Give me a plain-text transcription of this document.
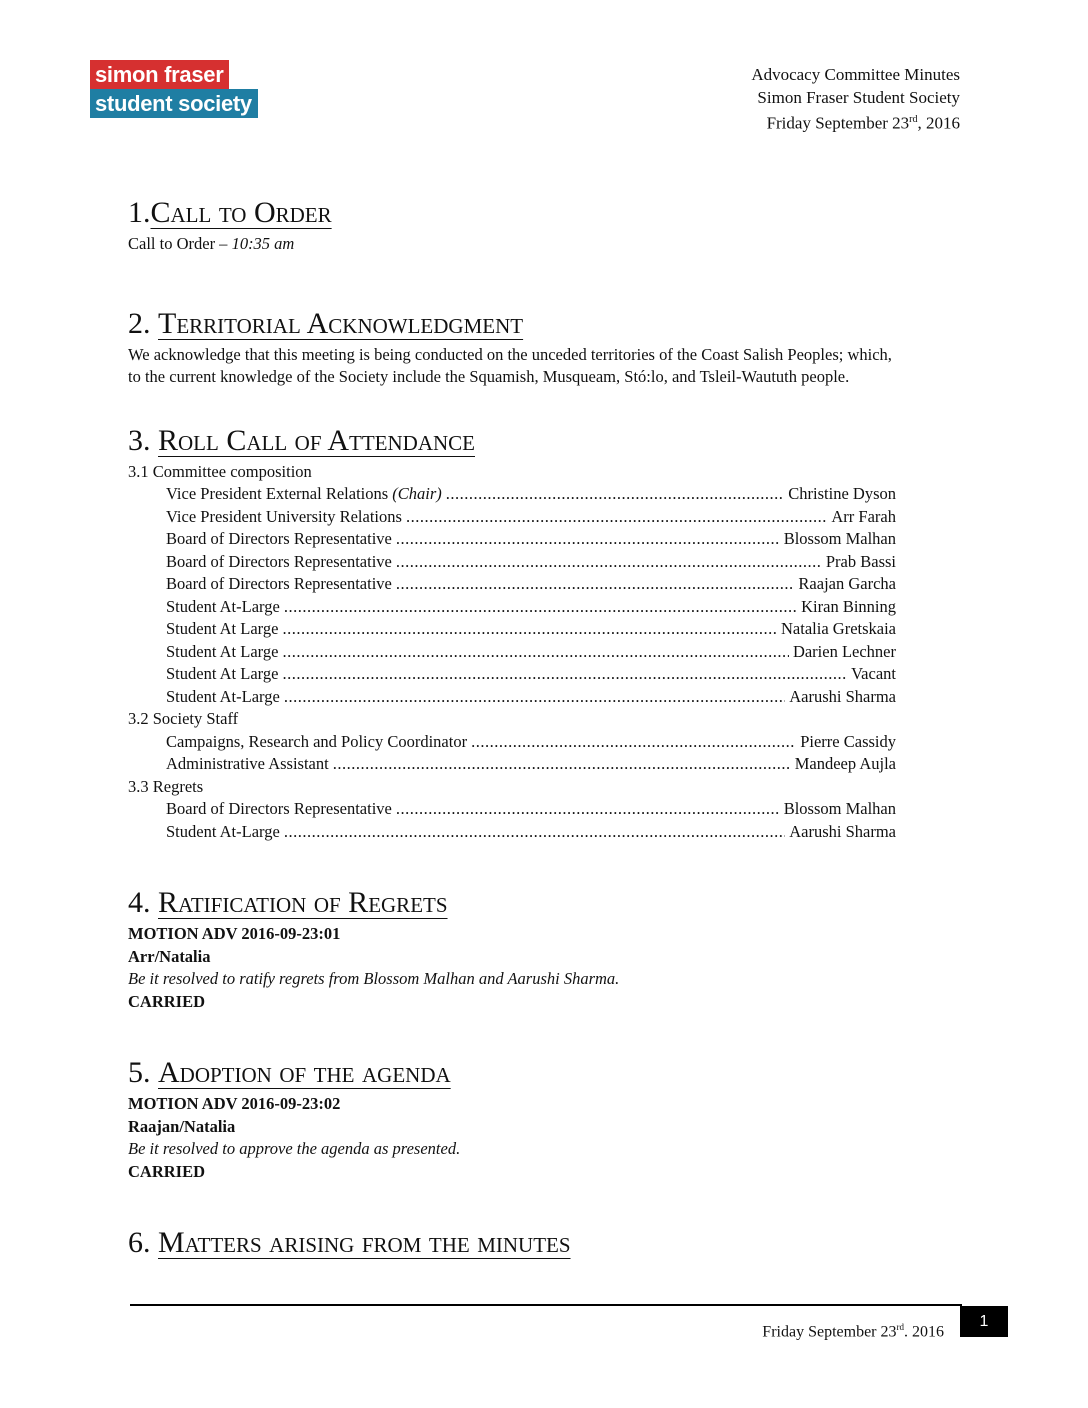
simon fraser
student society
Advocacy Committee Minutes
Simon Fraser Student Society
Friday September 23rd, 2016
1.Call to Order

Call to Order – 10:35 am

2. Territorial Acknowledgment

We acknowledge that this meeting is being conducted on the unceded territories of the Coast Salish Peoples; which, to the current knowledge of the Society include the Squamish, Musqueam, Stó:lo, and Tsleil-Waututh people.

3. Roll Call of Attendance
3.1 Committee composition
Vice President External Relations (Chair) .....	Christine Dyson
Vice President University Relations .....	Arr Farah
Board of Directors Representative .....	Blossom Malhan
Board of Directors Representative .....	Prab Bassi
Board of Directors Representative .....	Raajan Garcha
Student At-Large .....	Kiran Binning
Student At Large .....	Natalia Gretskaia
Student At Large .....	Darien Lechner
Student At Large .....	Vacant
Student At-Large .....	Aarushi Sharma
3.2 Society Staff
Campaigns, Research and Policy Coordinator .....	Pierre Cassidy
Administrative Assistant .....	Mandeep Aujla
3.3 Regrets
Board of Directors Representative .....	Blossom Malhan
Student At-Large .....	Aarushi Sharma
4. Ratification of Regrets

MOTION ADV 2016-09-23:01

Arr/Natalia

Be it resolved to ratify regrets from Blossom Malhan and Aarushi Sharma.

CARRIED

5. Adoption of the agenda

MOTION ADV 2016-09-23:02

Raajan/Natalia

Be it resolved to approve the agenda as presented.

CARRIED

6. Matters arising from the minutes
Friday September 23rd. 2016
1
